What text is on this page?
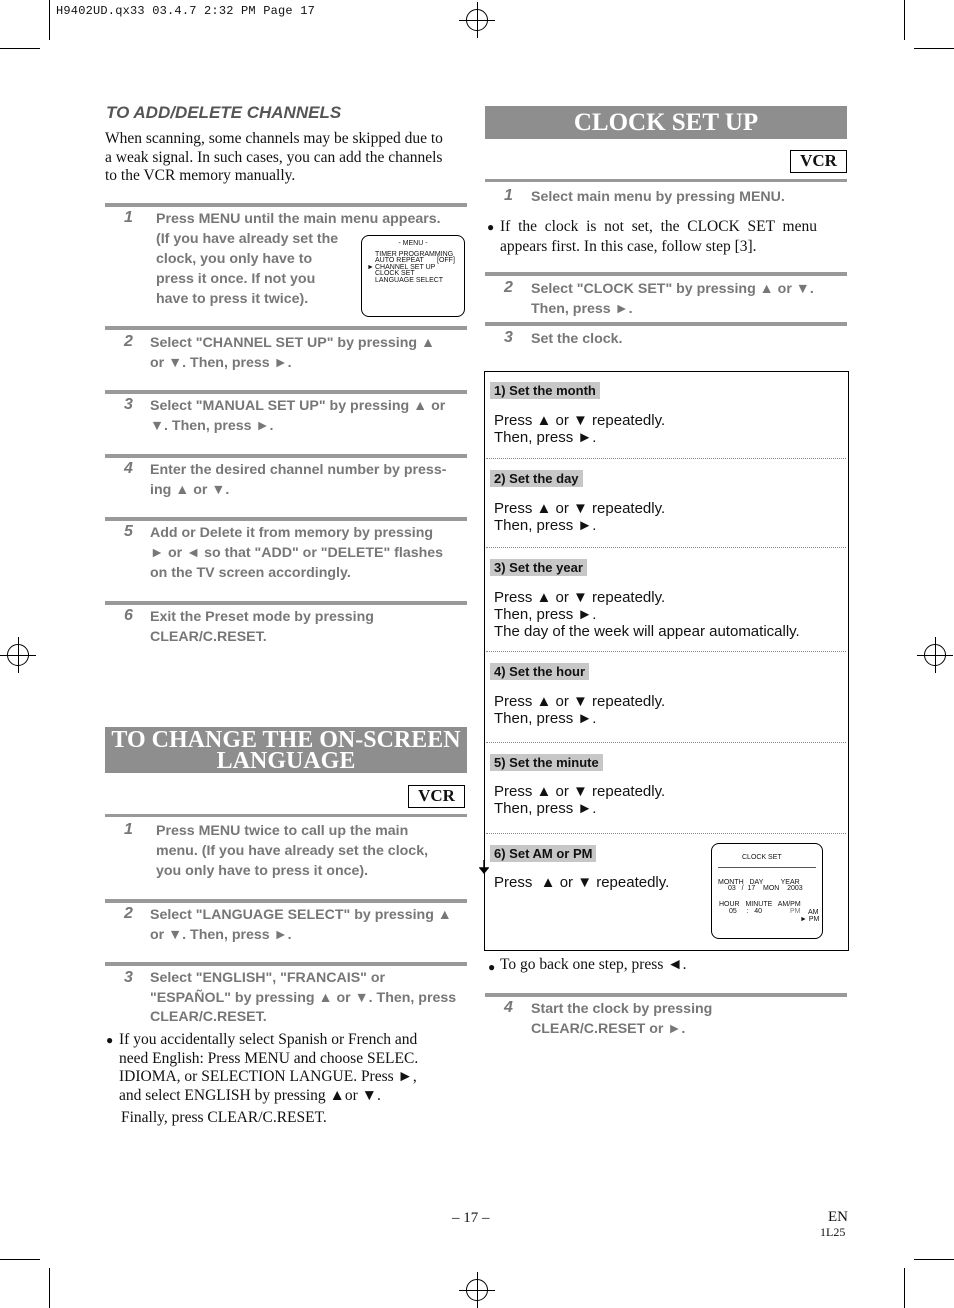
H9402UD.qx33 03.4.7 2:32 PM Page 17
TO ADD/DELETE CHANNELS
When scanning, some channels may be skipped due to
a weak signal. In such cases, you can add the channels
to the VCR memory manually.
1 Press MENU until the main menu appears.
(If you have already set the
clock, you only have to
press it once. If not you
have to press it twice).
- MENU -
TIMER PROGRAMMING
AUTO REPEAT [OFF]
► CHANNEL SET UP
CLOCK SET
LANGUAGE SELECT
2 Select "CHANNEL SET UP" by pressing ▲
or ▼. Then, press ►.
3 Select "MANUAL SET UP" by pressing ▲ or
▼. Then, press ►.
4 Enter the desired channel number by press-
ing ▲ or ▼.
5 Add or Delete it from memory by pressing
► or ◄ so that "ADD" or "DELETE" flashes
on the TV screen accordingly.
6 Exit the Preset mode by pressing
CLEAR/C.RESET.
TO CHANGE THE ON-SCREEN
LANGUAGE
VCR
1 Press MENU twice to call up the main
menu. (If you have already set the clock,
you only have to press it once).
2 Select "LANGUAGE SELECT" by pressing ▲
or ▼. Then, press ►.
3 Select "ENGLISH", "FRANCAIS" or
"ESPAÑOL" by pressing ▲ or ▼. Then, press
CLEAR/C.RESET.
● If you accidentally select Spanish or French and
need English: Press MENU and choose SELEC.
IDIOMA, or SELECTION LANGUE. Press ►,
and select ENGLISH by pressing ▲or ▼.
Finally, press CLEAR/C.RESET.
CLOCK SET UP
VCR
1 Select main menu by pressing MENU.
● If  the  clock  is  not  set,  the  CLOCK  SET  menu
appears first. In this case, follow step [3].
2 Select "CLOCK SET" by pressing ▲ or ▼.
Then, press ►.
3 Set the clock.
1) Set the month
Press ▲ or ▼ repeatedly.
Then, press ►.
2) Set the day
Press ▲ or ▼ repeatedly.
Then, press ►.
3) Set the year
Press ▲ or ▼ repeatedly.
Then, press ►.
The day of the week will appear automatically.
4) Set the hour
Press ▲ or ▼ repeatedly.
Then, press ►.
5) Set the minute
Press ▲ or ▼ repeatedly.
Then, press ►.
6) Set AM or PM
Press  ▲ or ▼ repeatedly.
CLOCK SET
MONTH   DAY         YEAR
03   /  17    MON    2003
HOUR   MINUTE   AM/PM
05     :   40	PM AM
► PM
● To go back one step, press ◄.
4 Start the clock by pressing
CLEAR/C.RESET or ►.
– 17 –	EN
1L25
